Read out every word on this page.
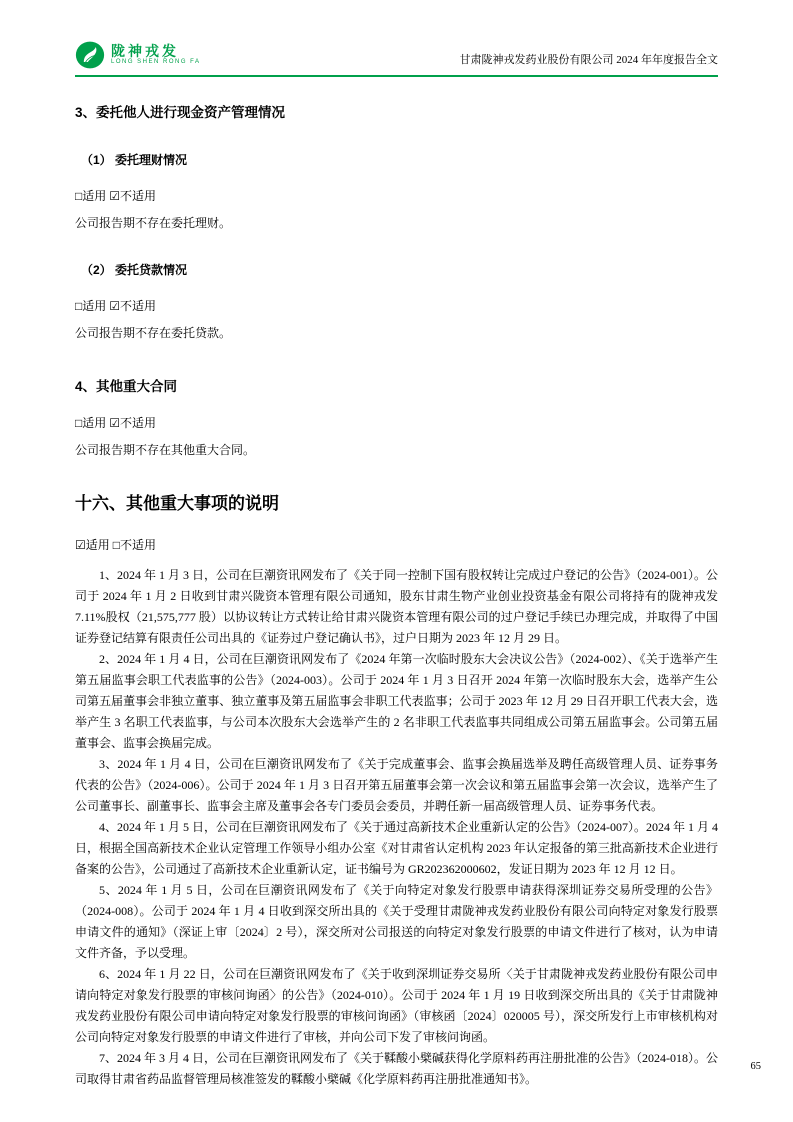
陇神戎发
LONG SHEN RONG FA	甘肃陇神戎发药业股份有限公司 2024 年年度报告全文
3、委托他人进行现金资产管理情况
（1） 委托理财情况

□适用 ☑不适用

公司报告期不存在委托理财。

（2） 委托贷款情况

□适用 ☑不适用

公司报告期不存在委托贷款。

4、其他重大合同

□适用 ☑不适用

公司报告期不存在其他重大合同。

十六、其他重大事项的说明

☑适用 □不适用

1、2024 年 1 月 3 日，公司在巨潮资讯网发布了《关于同一控制下国有股权转让完成过户登记的公告》（2024-001）。公司于 2024 年 1 月 2 日收到甘肃兴陇资本管理有限公司通知，股东甘肃生物产业创业投资基金有限公司将持有的陇神戎发 7.11%股权（21,575,777 股）以协议转让方式转让给甘肃兴陇资本管理有限公司的过户登记手续已办理完成，并取得了中国证券登记结算有限责任公司出具的《证券过户登记确认书》，过户日期为 2023 年 12 月 29 日。

2、2024 年 1 月 4 日，公司在巨潮资讯网发布了《2024 年第一次临时股东大会决议公告》（2024-002）、《关于选举产生第五届监事会职工代表监事的公告》（2024-003）。公司于 2024 年 1 月 3 日召开 2024 年第一次临时股东大会，选举产生公司第五届董事会非独立董事、独立董事及第五届监事会非职工代表监事；公司于 2023 年 12 月 29 日召开职工代表大会，选举产生 3 名职工代表监事，与公司本次股东大会选举产生的 2 名非职工代表监事共同组成公司第五届监事会。公司第五届董事会、监事会换届完成。

3、2024 年 1 月 4 日，公司在巨潮资讯网发布了《关于完成董事会、监事会换届选举及聘任高级管理人员、证券事务代表的公告》（2024-006）。公司于 2024 年 1 月 3 日召开第五届董事会第一次会议和第五届监事会第一次会议，选举产生了公司董事长、副董事长、监事会主席及董事会各专门委员会委员，并聘任新一届高级管理人员、证券事务代表。

4、2024 年 1 月 5 日，公司在巨潮资讯网发布了《关于通过高新技术企业重新认定的公告》（2024-007）。2024 年 1 月 4 日，根据全国高新技术企业认定管理工作领导小组办公室《对甘肃省认定机构 2023 年认定报备的第三批高新技术企业进行备案的公告》，公司通过了高新技术企业重新认定，证书编号为 GR202362000602，发证日期为 2023 年 12 月 12 日。

5、2024 年 1 月 5 日，公司在巨潮资讯网发布了《关于向特定对象发行股票申请获得深圳证券交易所受理的公告》（2024-008）。公司于 2024 年 1 月 4 日收到深交所出具的《关于受理甘肃陇神戎发药业股份有限公司向特定对象发行股票申请文件的通知》（深证上审〔2024〕2 号），深交所对公司报送的向特定对象发行股票的申请文件进行了核对，认为申请文件齐备，予以受理。

6、2024 年 1 月 22 日，公司在巨潮资讯网发布了《关于收到深圳证券交易所〈关于甘肃陇神戎发药业股份有限公司申请向特定对象发行股票的审核问询函〉的公告》（2024-010）。公司于 2024 年 1 月 19 日收到深交所出具的《关于甘肃陇神戎发药业股份有限公司申请向特定对象发行股票的审核问询函》（审核函〔2024〕020005 号），深交所发行上市审核机构对公司向特定对象发行股票的申请文件进行了审核，并向公司下发了审核问询函。

7、2024 年 3 月 4 日，公司在巨潮资讯网发布了《关于鞣酸小檗碱获得化学原料药再注册批准的公告》（2024-018）。公司取得甘肃省药品监督管理局核准签发的鞣酸小檗碱《化学原料药再注册批准通知书》。

65
